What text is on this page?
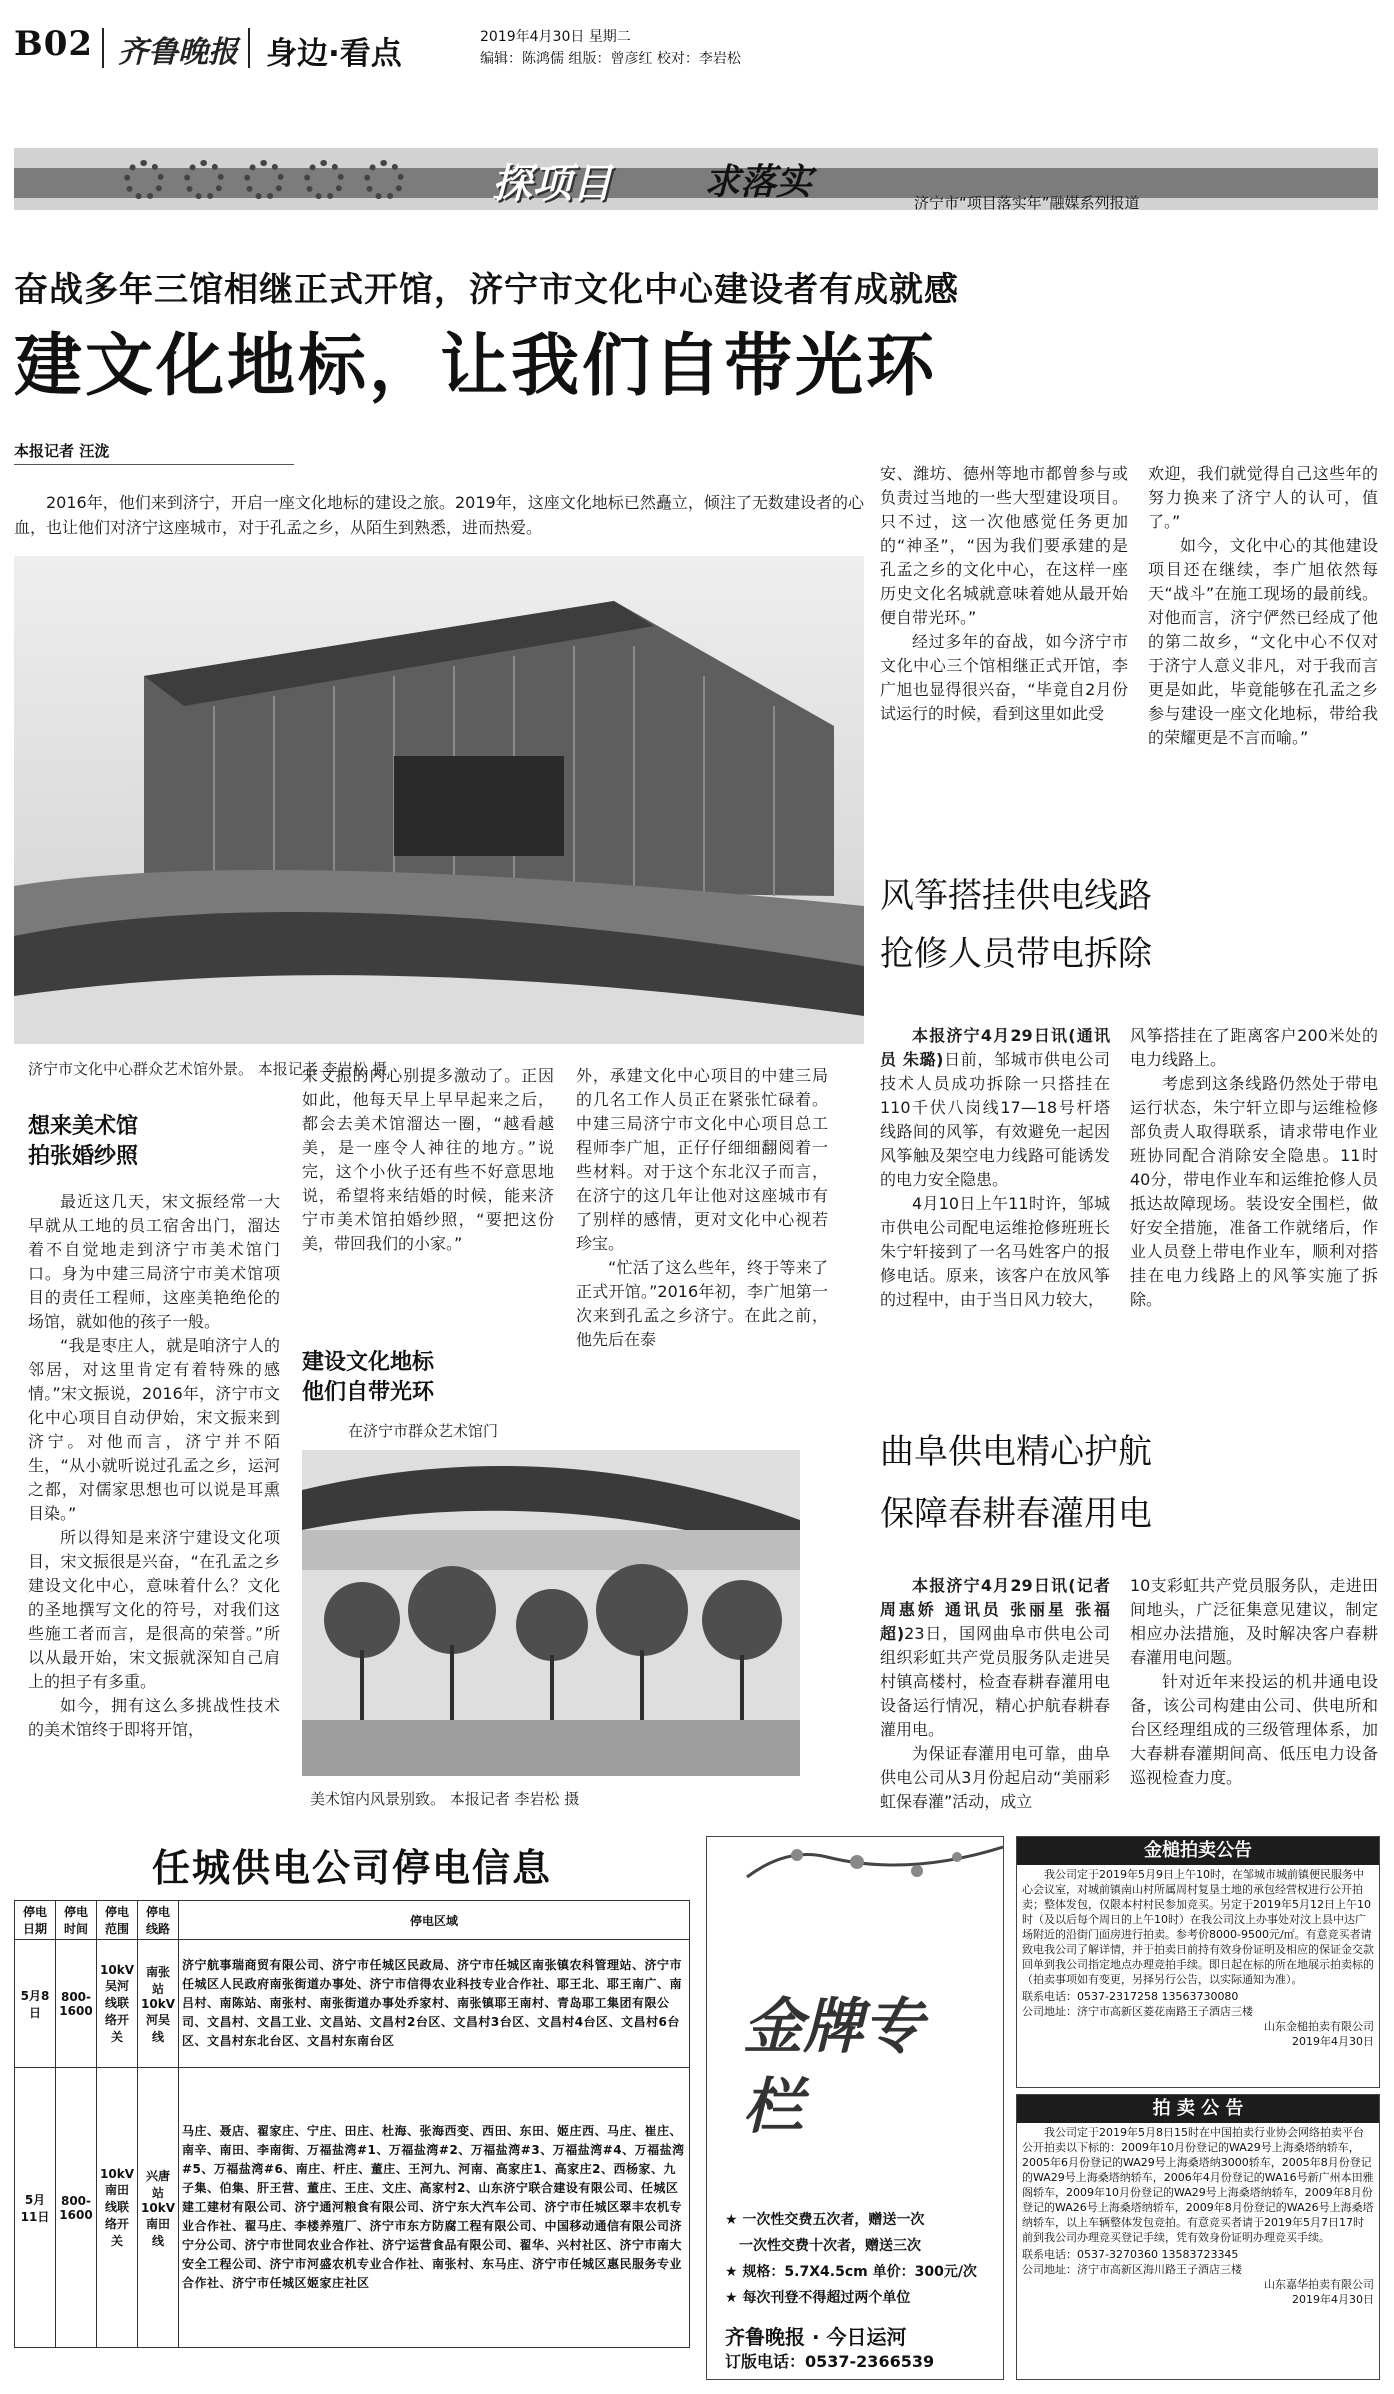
B02 齐鲁晚报 身边·看点	2019年4月30日 星期二
编辑：陈鸿儒 组版：曾彦红 校对：李岩松
探项目	求落实	济宁市“项目落实年”融媒系列报道
奋战多年三馆相继正式开馆，济宁市文化中心建设者有成就感
建文化地标，让我们自带光环
本报记者 汪泷

2016年，他们来到济宁，开启一座文化地标的建设之旅。2019年，这座文化地标已然矗立，倾注了无数建设者的心血，也让他们对济宁这座城市，对于孔孟之乡，从陌生到熟悉，进而热爱。

济宁市文化中心群众艺术馆外景。 本报记者 李岩松 摄
想来美术馆
拍张婚纱照

最近这几天，宋文振经常一大早就从工地的员工宿舍出门，溜达着不自觉地走到济宁市美术馆门口。身为中建三局济宁市美术馆项目的责任工程师，这座美艳绝伦的场馆，就如他的孩子一般。

“我是枣庄人，就是咱济宁人的邻居，对这里肯定有着特殊的感情。”宋文振说，2016年，济宁市文化中心项目自动伊始，宋文振来到济宁。对他而言，济宁并不陌生，“从小就听说过孔孟之乡，运河之都，对儒家思想也可以说是耳熏目染。”

所以得知是来济宁建设文化项目，宋文振很是兴奋，“在孔孟之乡建设文化中心，意味着什么？文化的圣地撰写文化的符号，对我们这些施工者而言，是很高的荣誉。”所以从最开始，宋文振就深知自己肩上的担子有多重。

如今，拥有这么多挑战性技术的美术馆终于即将开馆，

宋文振的内心别提多激动了。正因如此，他每天早上早早起来之后，都会去美术馆溜达一圈，“越看越美，是一座令人神往的地方。”说完，这个小伙子还有些不好意思地说，希望将来结婚的时候，能来济宁市美术馆拍婚纱照，“要把这份美，带回我们的小家。”

建设文化地标
他们自带光环

外，承建文化中心项目的中建三局的几名工作人员正在紧张忙碌着。中建三局济宁市文化中心项目总工程师李广旭，正仔仔细细翻阅着一些材料。对于这个东北汉子而言，在济宁的这几年让他对这座城市有了别样的感情，更对文化中心视若珍宝。

“忙活了这么些年，终于等来了正式开馆。”2016年初，李广旭第一次来到孔孟之乡济宁。在此之前，他先后在泰

在济宁市群众艺术馆门
美术馆内风景别致。 本报记者 李岩松 摄

安、潍坊、德州等地市都曾参与或负责过当地的一些大型建设项目。只不过，这一次他感觉任务更加的“神圣”，“因为我们要承建的是孔孟之乡的文化中心，在这样一座历史文化名城就意味着她从最开始便自带光环。”

经过多年的奋战，如今济宁市文化中心三个馆相继正式开馆，李广旭也显得很兴奋，“毕竟自2月份试运行的时候，看到这里如此受

欢迎，我们就觉得自己这些年的努力换来了济宁人的认可，值了。”

如今，文化中心的其他建设项目还在继续，李广旭依然每天“战斗”在施工现场的最前线。对他而言，济宁俨然已经成了他的第二故乡，“文化中心不仅对于济宁人意义非凡，对于我而言更是如此，毕竟能够在孔孟之乡参与建设一座文化地标，带给我的荣耀更是不言而喻。”

风筝搭挂供电线路
抢修人员带电拆除

本报济宁4月29日讯(通讯员 朱璐)日前，邹城市供电公司技术人员成功拆除一只搭挂在110千伏八岗线17—18号杆塔线路间的风筝，有效避免一起因风筝触及架空电力线路可能诱发的电力安全隐患。

4月10日上午11时许，邹城市供电公司配电运维抢修班班长朱宁轩接到了一名马姓客户的报修电话。原来，该客户在放风筝的过程中，由于当日风力较大，

风筝搭挂在了距离客户200米处的电力线路上。

考虑到这条线路仍然处于带电运行状态，朱宁轩立即与运维检修部负责人取得联系，请求带电作业班协同配合消除安全隐患。11时40分，带电作业车和运维抢修人员抵达故障现场。装设安全围栏，做好安全措施，准备工作就绪后，作业人员登上带电作业车，顺利对搭挂在电力线路上的风筝实施了拆除。

曲阜供电精心护航
保障春耕春灌用电

本报济宁4月29日讯(记者 周惠娇 通讯员 张丽星 张福超)23日，国网曲阜市供电公司组织彩虹共产党员服务队走进吴村镇高楼村，检查春耕春灌用电设备运行情况，精心护航春耕春灌用电。

为保证春灌用电可靠，曲阜供电公司从3月份起启动“美丽彩虹保春灌”活动，成立

10支彩虹共产党员服务队，走进田间地头，广泛征集意见建议，制定相应办法措施，及时解决客户春耕春灌用电问题。

针对近年来投运的机井通电设备，该公司构建由公司、供电所和台区经理组成的三级管理体系，加大春耕春灌期间高、低压电力设备巡视检查力度。

任城供电公司停电信息
停电日期	停电时间	停电范围	停电线路	停电区域
5月8日	800-1600	10kV吴河线联络开关	南张站10kV河吴线	济宁航事瑞商贸有限公司、济宁市任城区民政局、济宁市任城区南张镇农科管理站、济宁市任城区人民政府南张街道办事处、济宁市信得农业科技专业合作社、耶王北、耶王南广、南吕村、南陈站、南张村、南张街道办事处乔家村、南张镇耶王南村、青岛耶工集团有限公司、文昌村、文昌工业、文昌站、文昌村2台区、文昌村3台区、文昌村4台区、文昌村6台区、文昌村东北台区、文昌村东南台区
5月11日	800-1600	10kV南田线联络开关	兴唐站10kV南田线	马庄、聂店、翟家庄、宁庄、田庄、杜海、张海西变、西田、东田、姬庄西、马庄、崔庄、南辛、南田、李南街、万福盐湾#1、万福盐湾#2、万福盐湾#3、万福盐湾#4、万福盐湾#5、万福盐湾#6、南庄、杆庄、董庄、王河九、河南、高家庄1、高家庄2、西杨家、九子集、伯集、肝王营、董庄、王庄、文庄、高家村2、山东济宁联合建设有限公司、任城区建工建材有限公司、济宁通河粮食有限公司、济宁东大汽车公司、济宁市任城区翠丰农机专业合作社、翟马庄、李楼养殖厂、济宁市东方防腐工程有限公司、中国移动通信有限公司济宁分公司、济宁市世同农业合作社、济宁运营食品有限公司、翟华、兴村社区、济宁市南大安全工程公司、济宁市河盛农机专业合作社、南张村、东马庄、济宁市任城区惠民服务专业合作社、济宁市任城区姬家庄社区
金牌专栏
★ 一次性交费五次者，赠送一次
一次性交费十次者，赠送三次
★ 规格：5.7X4.5cm 单价：300元/次
★ 每次刊登不得超过两个单位
齐鲁晚报 · 今日运河
订版电话：0537-2366539
金槌拍卖公告
我公司定于2019年5月9日上午10时，在邹城市城前镇便民服务中心会议室，对城前镇南山村所属周村复垦土地的承包经营权进行公开拍卖；整体发包，仅限本村村民参加竞买。另定于2019年5月12日上午10时（及以后每个周日的上午10时）在我公司汶上办事处对汶上县中达广场附近的沿街门面房进行拍卖。参考价8000-9500元/㎡。有意竞买者请致电我公司了解详情，并于拍卖日前持有效身份证明及相应的保证金交款回单到我公司指定地点办理竞拍手续。即日起在标的所在地展示拍卖标的（拍卖事项如有变更，另择另行公告，以实际通知为准）。
联系电话：0537-2317258 13563730080
公司地址：济宁市高新区菱花南路王子酒店三楼
山东金槌拍卖有限公司
2019年4月30日
拍 卖 公 告
我公司定于2019年5月8日15时在中国拍卖行业协会网络拍卖平台公开拍卖以下标的：2009年10月份登记的WA29号上海桑塔纳轿车，2005年6月份登记的WA29号上海桑塔纳3000轿车，2005年8月份登记的WA29号上海桑塔纳轿车，2006年4月份登记的WA16号新广州本田雅阁轿车，2009年10月份登记的WA29号上海桑塔纳轿车，2009年8月份登记的WA26号上海桑塔纳轿车，2009年8月份登记的WA26号上海桑塔纳轿车，以上车辆整体发包竞拍。有意竞买者请于2019年5月7日17时前到我公司办理竞买登记手续，凭有效身份证明办理竞买手续。
联系电话：0537-3270360 13583723345
公司地址：济宁市高新区海川路王子酒店三楼
山东嘉华拍卖有限公司
2019年4月30日
